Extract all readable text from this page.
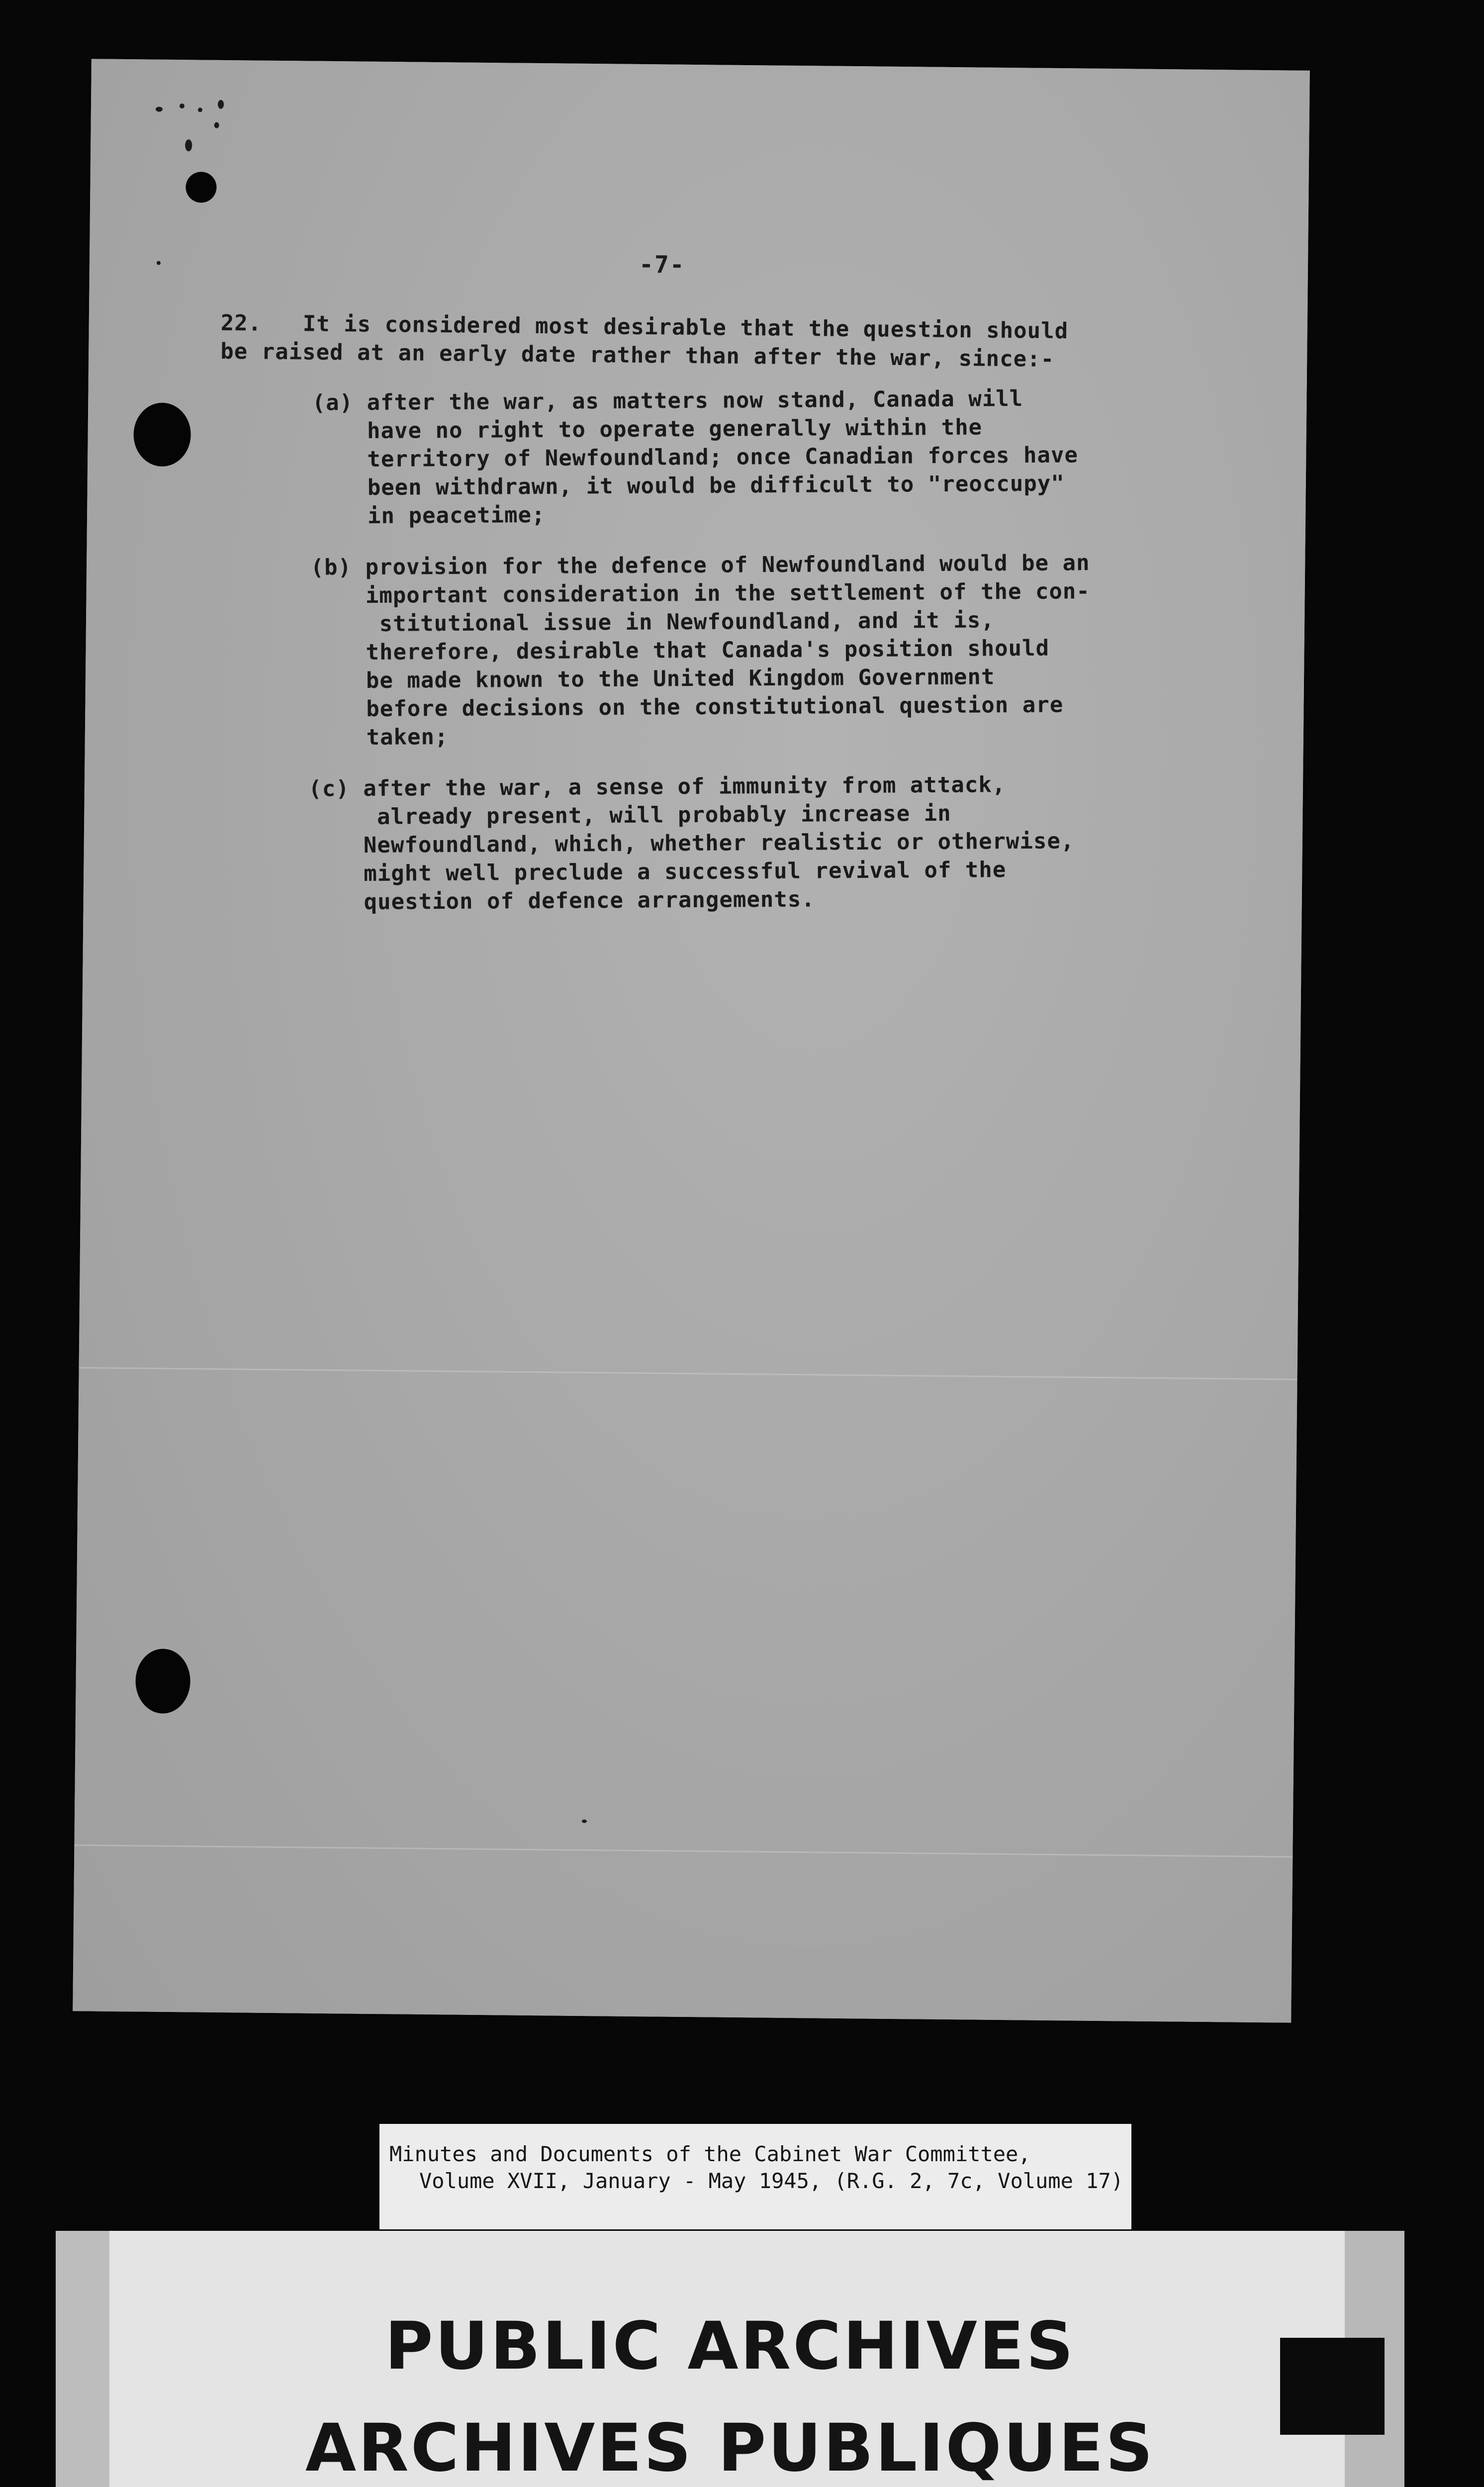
-7-
22.   It is considered most desirable that the question should
be raised at an early date rather than after the war, since:-
(a) after the war, as matters now stand, Canada will
have no right to operate generally within the
territory of Newfoundland; once Canadian forces have
been withdrawn, it would be difficult to "reoccupy"
in peacetime;
(b) provision for the defence of Newfoundland would be an
important consideration in the settlement of the con-
stitutional issue in Newfoundland, and it is,
therefore, desirable that Canada's position should
be made known to the United Kingdom Government
before decisions on the constitutional question are
taken;
(c) after the war, a sense of immunity from attack,
already present, will probably increase in
Newfoundland, which, whether realistic or otherwise,
might well preclude a successful revival of the
question of defence arrangements.
Minutes and Documents of the Cabinet War Committee,
Volume XVII, January - May 1945, (R.G. 2, 7c, Volume 17)
PUBLIC ARCHIVES
ARCHIVES PUBLIQUES
